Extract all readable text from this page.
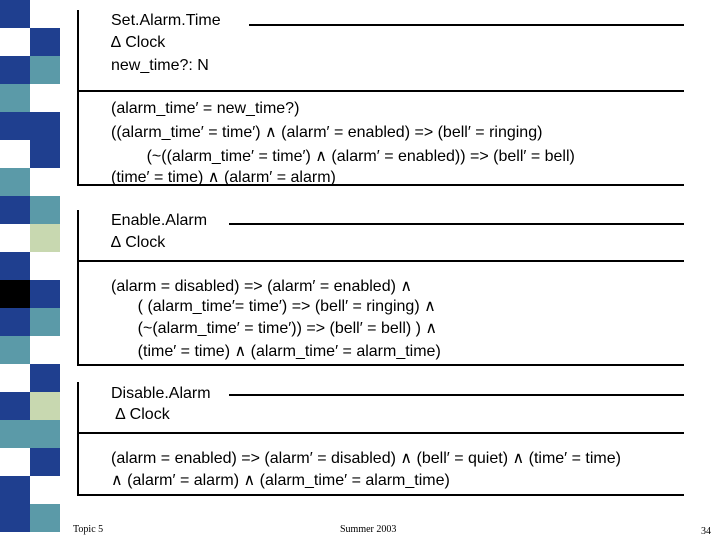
Set.Alarm.Time
∆ Clock
new_time?: N
(alarm_time′ = new_time?)
((alarm_time′ = time′) ∧ (alarm′ = enabled) => (bell′ = ringing)
(~((alarm_time′ = time′) ∧ (alarm′ = enabled)) => (bell′ = bell)
(time′ = time) ∧ (alarm′ = alarm)
Enable.Alarm
∆ Clock
(alarm = disabled) => (alarm′ = enabled) ∧
( (alarm_time′= time′) => (bell′ = ringing) ∧
(~(alarm_time′ = time′)) => (bell′ = bell) ) ∧
(time′ = time) ∧ (alarm_time′ = alarm_time)
Disable.Alarm
∆ Clock
(alarm = enabled) => (alarm′ = disabled) ∧ (bell′ = quiet) ∧ (time′ = time)
∧ (alarm′ = alarm) ∧ (alarm_time′ = alarm_time)
Topic 5	Summer 2003	34
